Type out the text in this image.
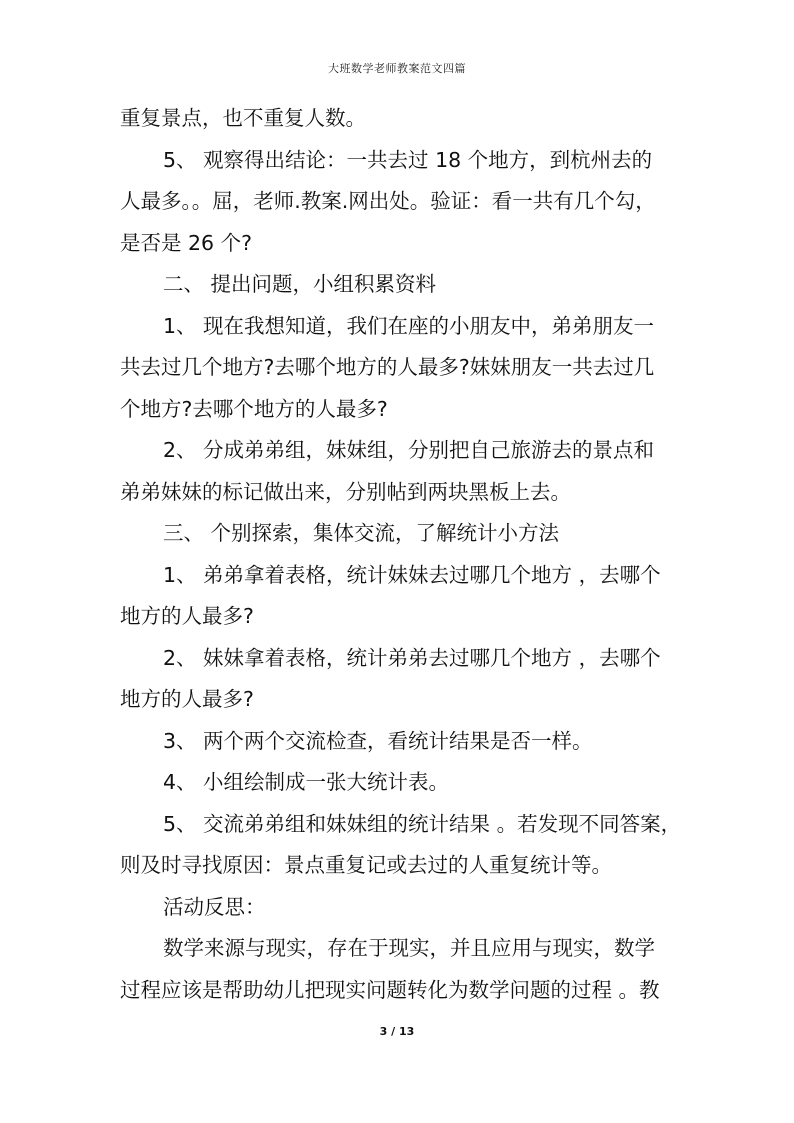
大班数学老师教案范文四篇
重复景点，也不重复人数。
5、 观察得出结论：一共去过 18 个地方，到杭州去的
人最多。。屈，老师.教案.网出处。验证：看一共有几个勾，
是否是 26 个?
二、 提出问题，小组积累资料
1、 现在我想知道，我们在座的小朋友中，弟弟朋友一
共去过几个地方?去哪个地方的人最多?妹妹朋友一共去过几
个地方?去哪个地方的人最多?
2、 分成弟弟组，妹妹组，分别把自己旅游去的景点和
弟弟妹妹的标记做出来，分别帖到两块黑板上去。
三、 个别探索，集体交流，了解统计小方法
1、 弟弟拿着表格，统计妹妹去过哪几个地方 ，去哪个
地方的人最多?
2、 妹妹拿着表格，统计弟弟去过哪几个地方 ，去哪个
地方的人最多?
3、 两个两个交流检查，看统计结果是否一样。
4、 小组绘制成一张大统计表。
5、 交流弟弟组和妹妹组的统计结果 。若发现不同答案，
则及时寻找原因：景点重复记或去过的人重复统计等。
活动反思：
数学来源与现实，存在于现实，并且应用与现实，数学
过程应该是帮助幼儿把现实问题转化为数学问题的过程 。教
3 / 13
